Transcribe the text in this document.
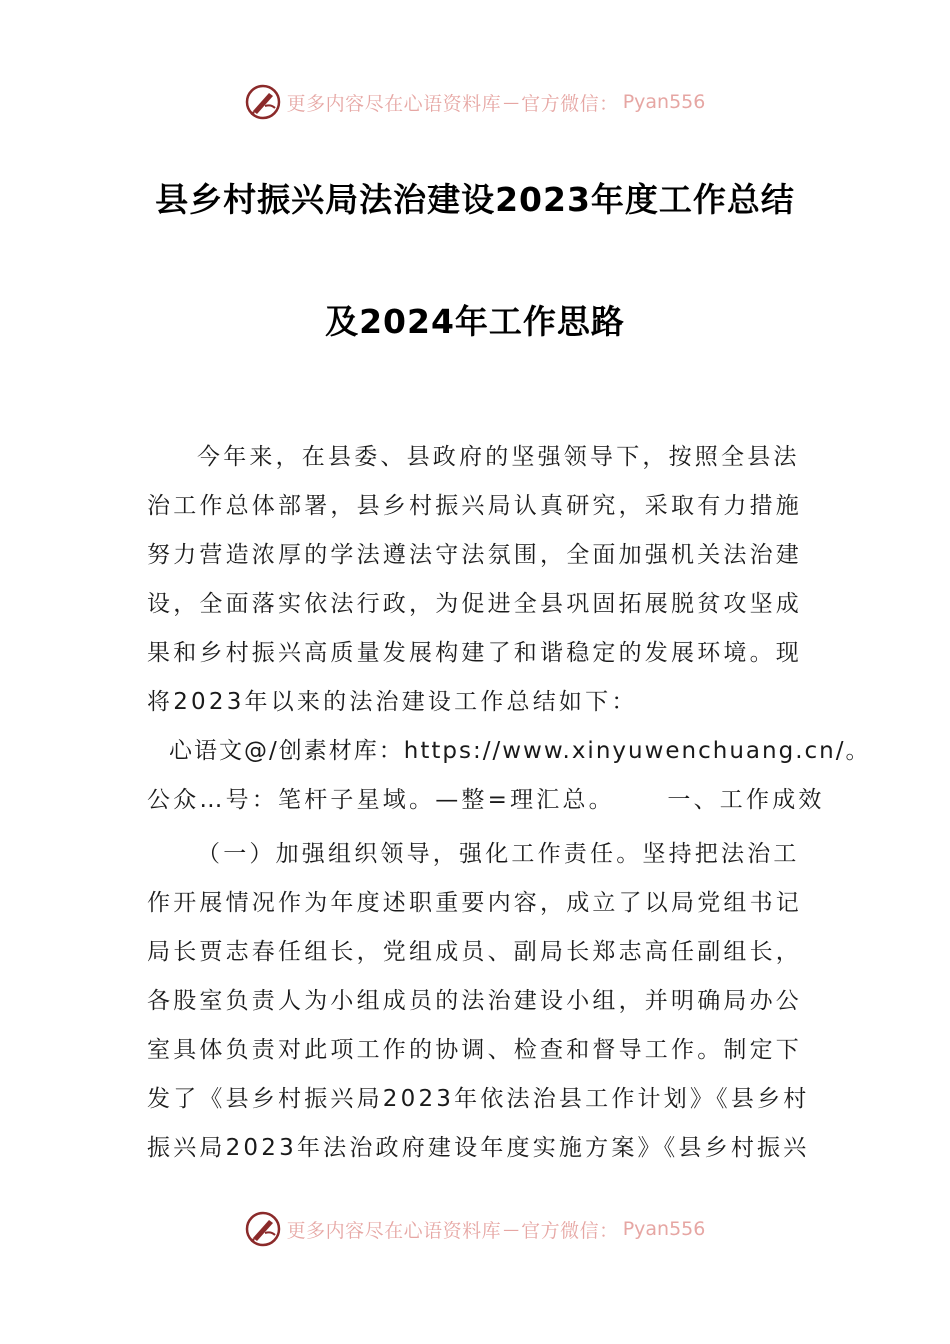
更多内容尽在心语资料库 — 官方微信： Pyan556
县乡村振兴局法治建设2023年度工作总结
及2024年工作思路
今年来，在县委、县政府的坚强领导下，按照全县法
治工作总体部署，县乡村振兴局认真研究，采取有力措施
努力营造浓厚的学法遵法守法氛围，全面加强机关法治建
设，全面落实依法行政，为促进全县巩固拓展脱贫攻坚成
果和乡村振兴高质量发展构建了和谐稳定的发展环境。现
将2023年以来的法治建设工作总结如下：
心语文@/创素材库：https://www.xinyuwenchuang.cn/。
公众…号：笔杆子星域。—整=理汇总。 一、工作成效
（一）加强组织领导，强化工作责任。坚持把法治工
作开展情况作为年度述职重要内容，成立了以局党组书记
局长贾志春任组长，党组成员、副局长郑志高任副组长，
各股室负责人为小组成员的法治建设小组，并明确局办公
室具体负责对此项工作的协调、检查和督导工作。制定下
发了《县乡村振兴局2023年依法治县工作计划》《县乡村
振兴局2023年法治政府建设年度实施方案》《县乡村振兴
更多内容尽在心语资料库 — 官方微信： Pyan556
